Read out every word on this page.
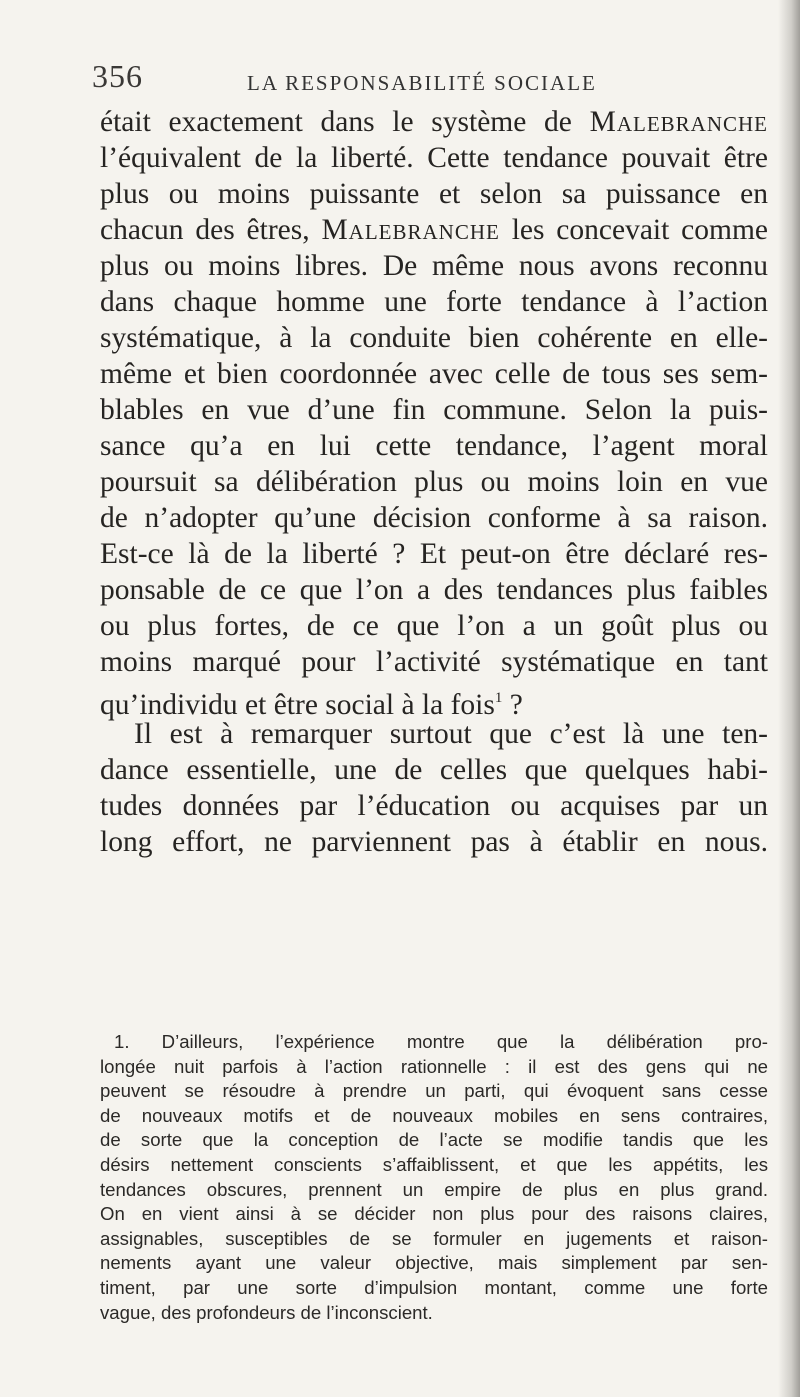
356	LA RESPONSABILITÉ SOCIALE
était exactement dans le système de Malebranche
l’équivalent de la liberté. Cette tendance pouvait être
plus ou moins puissante et selon sa puissance en
chacun des êtres, Malebranche les concevait comme
plus ou moins libres. De même nous avons reconnu
dans chaque homme une forte tendance à l’action
systématique, à la conduite bien cohérente en elle-
même et bien coordonnée avec celle de tous ses sem-
blables en vue d’une fin commune. Selon la puis-
sance qu’a en lui cette tendance, l’agent moral
poursuit sa délibération plus ou moins loin en vue
de n’adopter qu’une décision conforme à sa raison.
Est-ce là de la liberté ? Et peut-on être déclaré res-
ponsable de ce que l’on a des tendances plus faibles
ou plus fortes, de ce que l’on a un goût plus ou
moins marqué pour l’activité systématique en tant
qu’individu et être social à la fois$^1$ ?
Il est à remarquer surtout que c’est là une ten-
dance essentielle, une de celles que quelques habi-
tudes données par l’éducation ou acquises par un
long effort, ne parviennent pas à établir en nous.
1. D’ailleurs, l’expérience montre que la délibération pro-
longée nuit parfois à l’action rationnelle : il est des gens qui ne
peuvent se résoudre à prendre un parti, qui évoquent sans cesse
de nouveaux motifs et de nouveaux mobiles en sens contraires,
de sorte que la conception de l’acte se modifie tandis que les
désirs nettement conscients s’affaiblissent, et que les appétits, les
tendances obscures, prennent un empire de plus en plus grand.
On en vient ainsi à se décider non plus pour des raisons claires,
assignables, susceptibles de se formuler en jugements et raison-
nements ayant une valeur objective, mais simplement par sen-
timent, par une sorte d’impulsion montant, comme une forte
vague, des profondeurs de l’inconscient.
